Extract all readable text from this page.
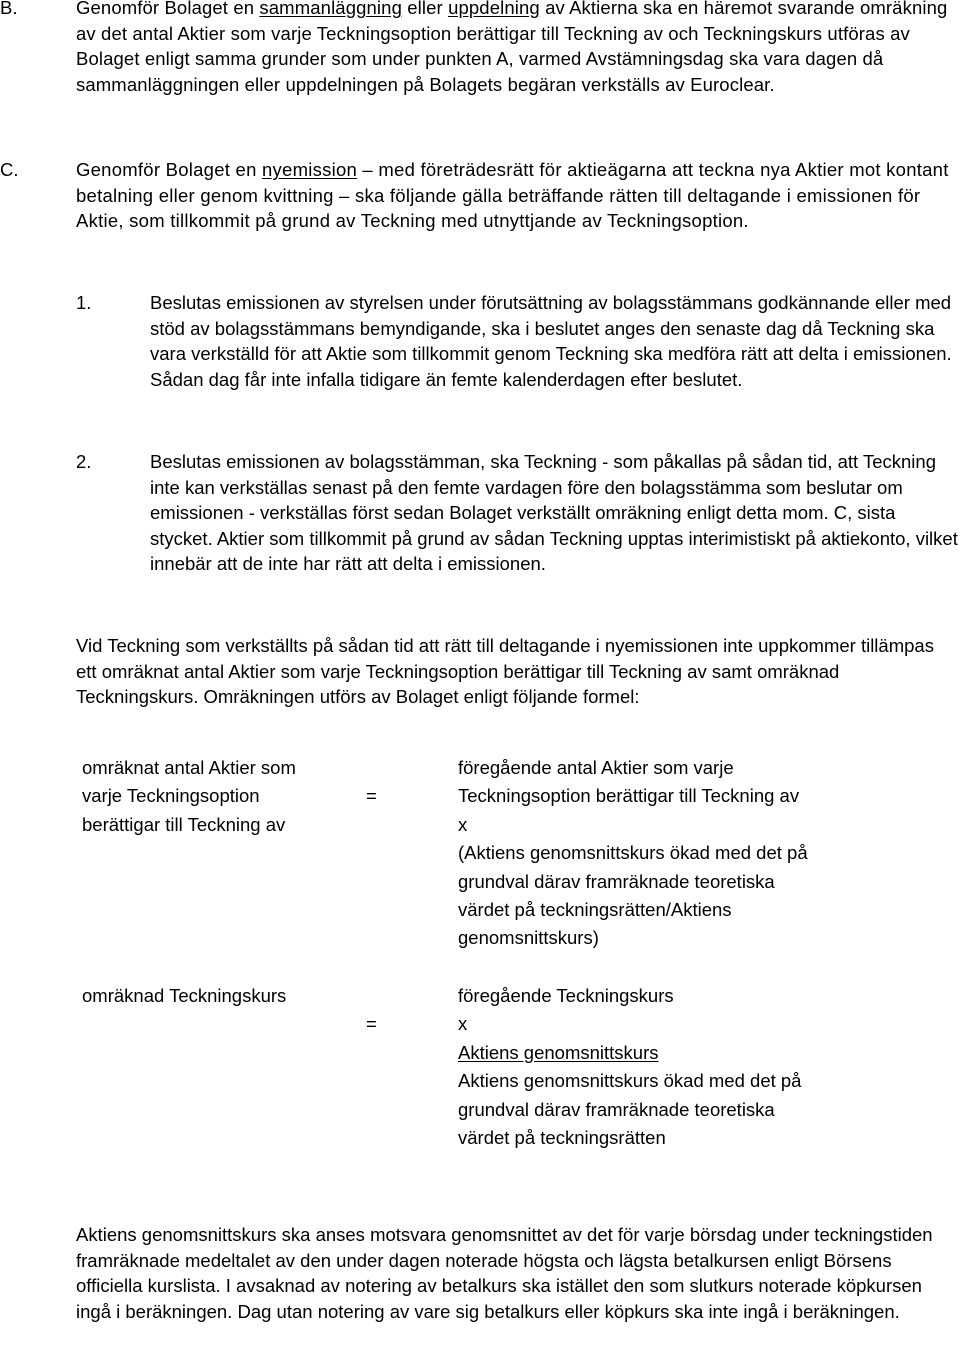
B.	Genomför Bolaget en sammanläggning eller uppdelning av Aktierna ska en häremot svarande omräkning av det antal Aktier som varje Teckningsoption berättigar till Teckning av och Teckningskurs utföras av Bolaget enligt samma grunder som under punkten A, varmed Avstämningsdag ska vara dagen då sammanläggningen eller uppdelningen på Bolagets begäran verkställs av Euroclear.
C.	Genomför Bolaget en nyemission – med företrädesrätt för aktieägarna att teckna nya Aktier mot kontant betalning eller genom kvittning – ska följande gälla beträffande rätten till deltagande i emissionen för Aktie, som tillkommit på grund av Teckning med utnyttjande av Teckningsoption.
1.	Beslutas emissionen av styrelsen under förutsättning av bolagsstämmans godkännande eller med stöd av bolagsstämmans bemyndigande, ska i beslutet anges den senaste dag då Teckning ska vara verkställd för att Aktie som tillkommit genom Teckning ska medföra rätt att delta i emissionen. Sådan dag får inte infalla tidigare än femte kalenderdagen efter beslutet.
2.	Beslutas emissionen av bolagsstämman, ska Teckning - som påkallas på sådan tid, att Teckning inte kan verkställas senast på den femte vardagen före den bolagsstämma som beslutar om emissionen - verkställas först sedan Bolaget verkställt omräkning enligt detta mom. C, sista stycket. Aktier som tillkommit på grund av sådan Teckning upptas interimistiskt på aktiekonto, vilket innebär att de inte har rätt att delta i emissionen.
Vid Teckning som verkställts på sådan tid att rätt till deltagande i nyemissionen inte uppkommer tillämpas ett omräknat antal Aktier som varje Teckningsoption berättigar till Teckning av samt omräknad Teckningskurs. Omräkningen utförs av Bolaget enligt följande formel:
omräknat antal Aktier som
varje Teckningsoption
berättigar till Teckning av
=
föregående antal Aktier som varje
Teckningsoption berättigar till Teckning av
x
(Aktiens genomsnittskurs ökad med det på
grundval därav framräknade teoretiska
värdet på teckningsrätten/Aktiens
genomsnittskurs)
omräknad Teckningskurs
=
föregående Teckningskurs
x
Aktiens genomsnittskurs
Aktiens genomsnittskurs ökad med det på
grundval därav framräknade teoretiska
värdet på teckningsrätten
Aktiens genomsnittskurs ska anses motsvara genomsnittet av det för varje börsdag under teckningstiden framräknade medeltalet av den under dagen noterade högsta och lägsta betalkursen enligt Börsens officiella kurslista. I avsaknad av notering av betalkurs ska istället den som slutkurs noterade köpkursen ingå i beräkningen. Dag utan notering av vare sig betalkurs eller köpkurs ska inte ingå i beräkningen.
